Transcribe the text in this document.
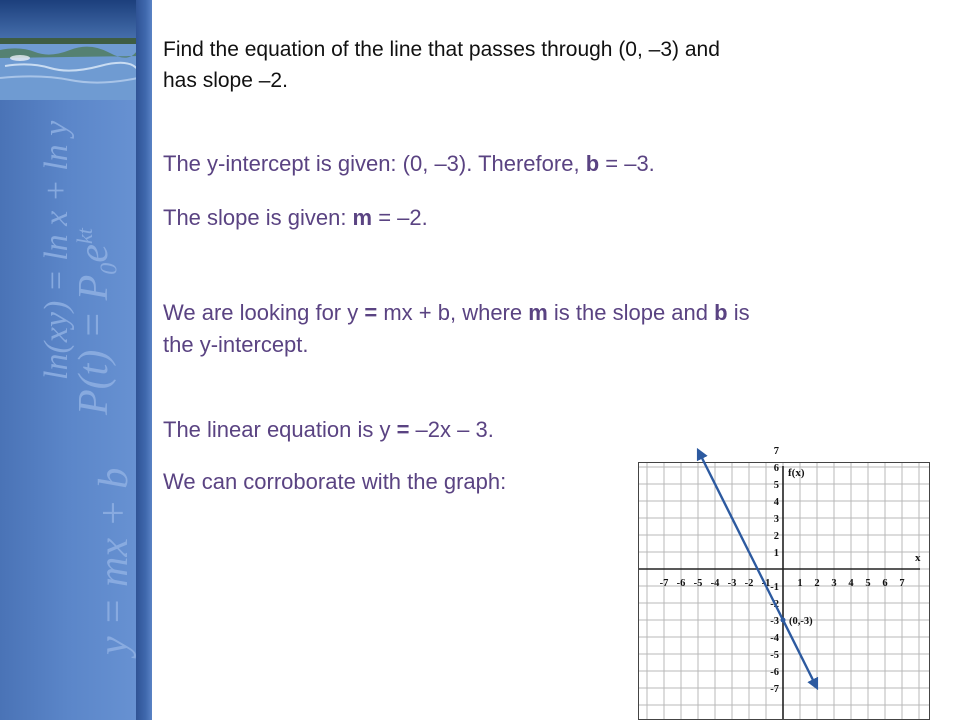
ln(xy) = ln x + ln y
$P(t) = P_0e^{kt}$
y = mx + b
Find the equation of the line that passes through (0, –3) and
has slope –2.
The y-intercept is given: (0, –3). Therefore, b = –3.
The slope is given: m = –2.
We are looking for y = mx + b, where m is the slope and b is
the y-intercept.
The linear equation is y = –2x – 3.
We can corroborate with the graph:
x
f(x)
-7 -6 -5 -4 -3 -2 -1	1 2 3 4 5 6 7
7
6
5
4
3
2
1
-1
-2
-3
-4
-5
-6
-7
(0,-3)
